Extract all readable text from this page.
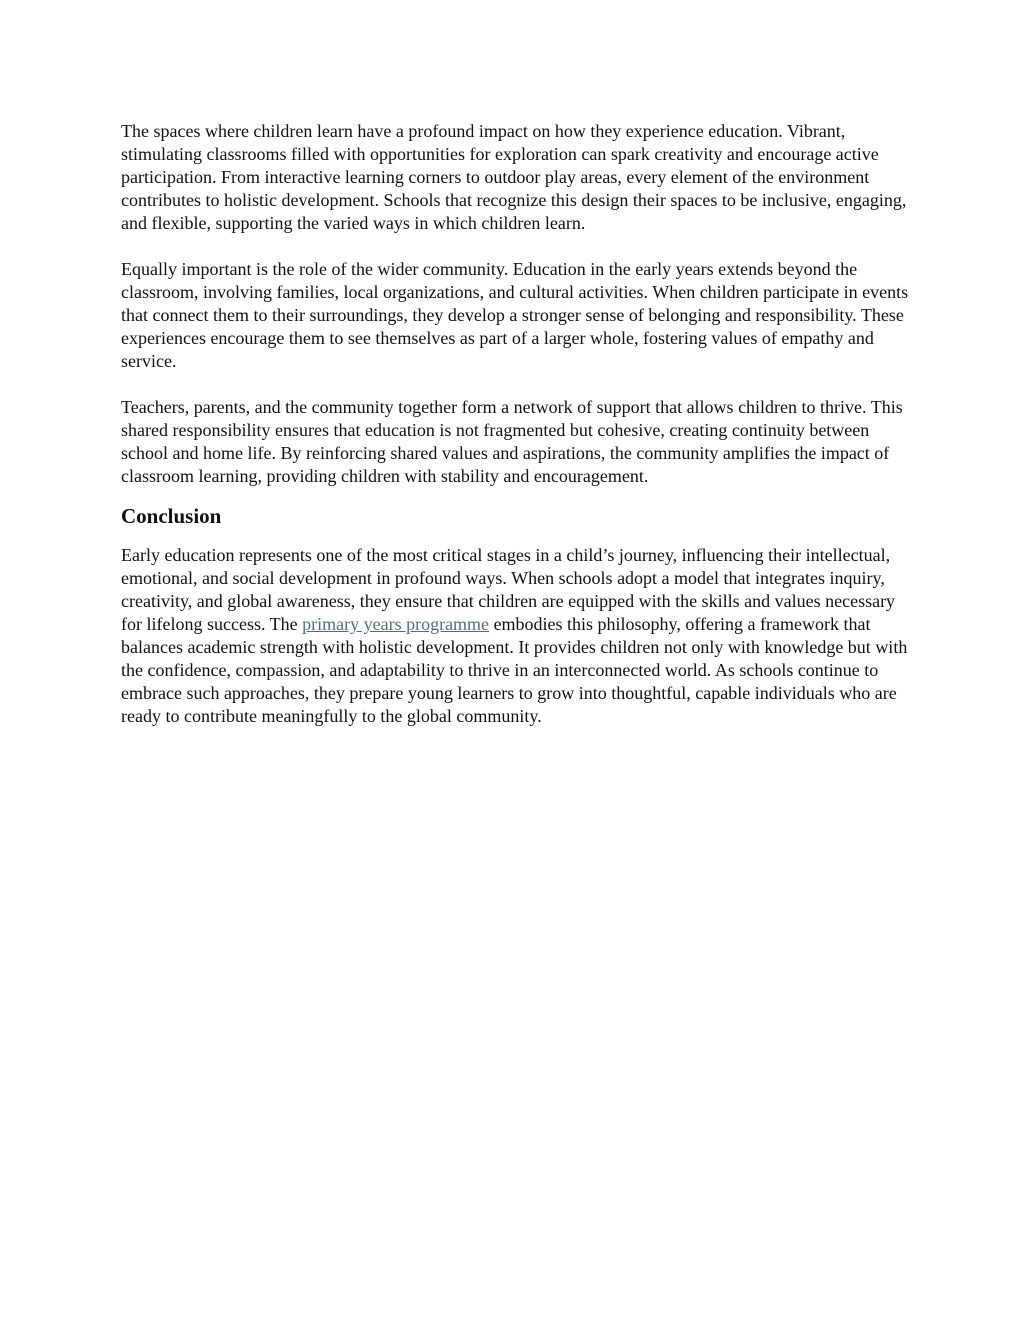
The spaces where children learn have a profound impact on how they experience education. Vibrant, stimulating classrooms filled with opportunities for exploration can spark creativity and encourage active participation. From interactive learning corners to outdoor play areas, every element of the environment contributes to holistic development. Schools that recognize this design their spaces to be inclusive, engaging, and flexible, supporting the varied ways in which children learn.

Equally important is the role of the wider community. Education in the early years extends beyond the classroom, involving families, local organizations, and cultural activities. When children participate in events that connect them to their surroundings, they develop a stronger sense of belonging and responsibility. These experiences encourage them to see themselves as part of a larger whole, fostering values of empathy and service.

Teachers, parents, and the community together form a network of support that allows children to thrive. This shared responsibility ensures that education is not fragmented but cohesive, creating continuity between school and home life. By reinforcing shared values and aspirations, the community amplifies the impact of classroom learning, providing children with stability and encouragement.

Conclusion

Early education represents one of the most critical stages in a child’s journey, influencing their intellectual, emotional, and social development in profound ways. When schools adopt a model that integrates inquiry, creativity, and global awareness, they ensure that children are equipped with the skills and values necessary for lifelong success. The primary years programme embodies this philosophy, offering a framework that balances academic strength with holistic development. It provides children not only with knowledge but with the confidence, compassion, and adaptability to thrive in an interconnected world. As schools continue to embrace such approaches, they prepare young learners to grow into thoughtful, capable individuals who are ready to contribute meaningfully to the global community.
